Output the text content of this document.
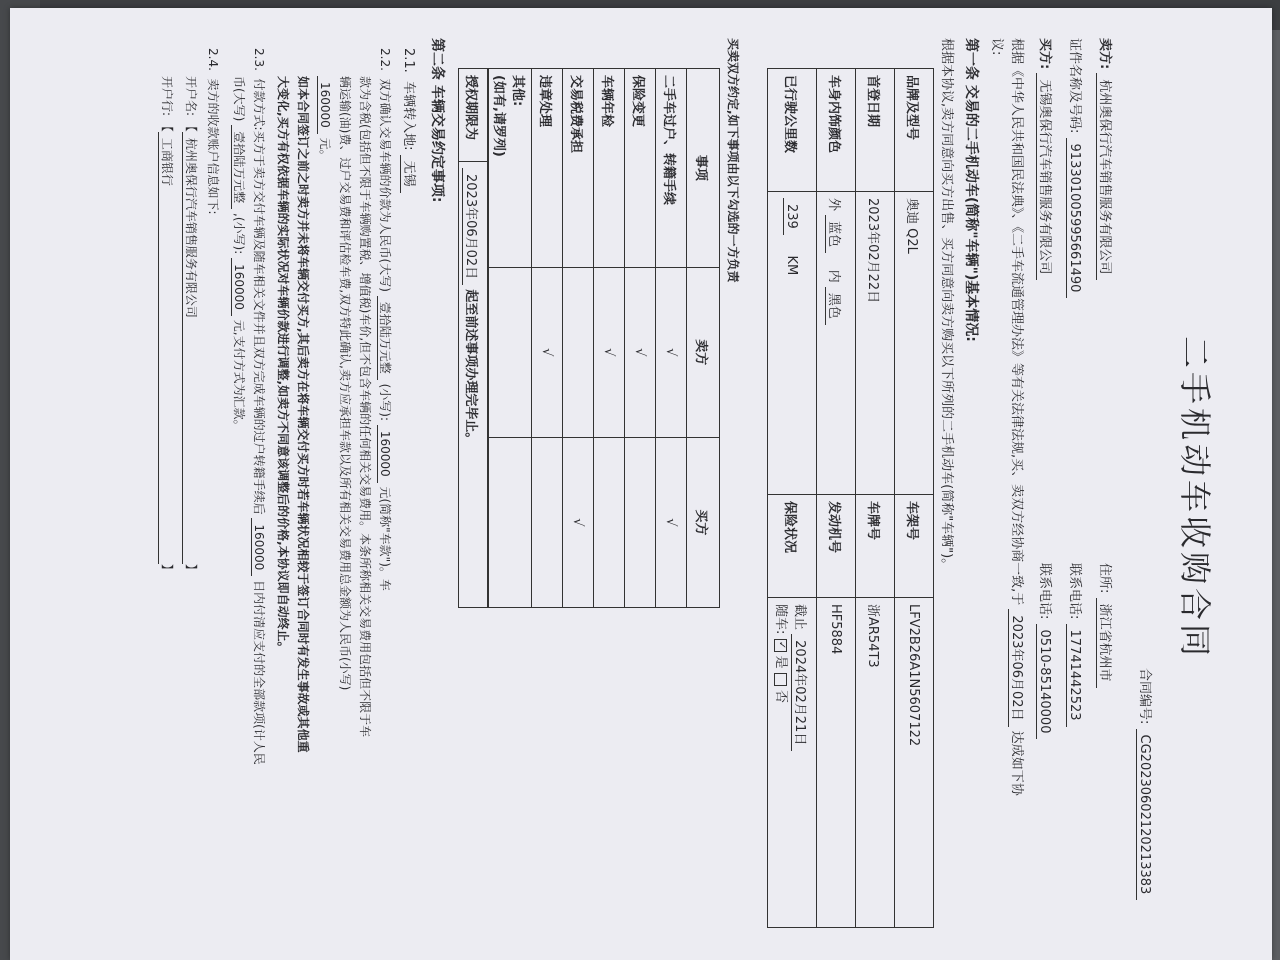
二手机动车收购合同
合同编号: CG20230602120213383
卖方: 杭州奥保行汽车销售服务有限公司
住所: 浙江省杭州市
证件名称及号码: 913301005995661490
联系电话: 17741442523
买方: 无锡奥保行汽车销售服务有限公司
联系电话: 0510-85140000
根据《中华人民共和国民法典》、《二手车流通管理办法》等有关法律法规,买、卖双方经协商一致,于 2023年06月02日 达成如下协
议:
第一条 交易的二手机动车(简称"车辆")基本情况:
根据本协议,卖方同意向买方出售、买方同意向卖方购买以下所列的二手机动车(简称"车辆")。
品牌及型号	奥迪 Q2L	车架号	LFV2B26A1N5607122
首登日期	2023年02月22日	车牌号	浙AR54T3
车身内饰颜色	外 蓝色    内 黑色	发动机号	HF5884
已行驶公里数	239     KM	保险状况	截止 2024年02月21日
随车: ✓ 是  否
买卖双方约定,如下事项由以下勾选的一方负责
事项	卖方	买方
二手车过户、转籍手续	√	√
保险变更	√	
车辆年检	√	
交易税费承担		√
违章处理	√	
其他:
(如有,请罗列)		
授权期限为	2023年06月02日 起至前述事项办理完毕止。
第二条 车辆交易约定事项:
2.1.  车辆转入地: 无锡
2.2.  双方确认交易车辆的价款为人民币(大写) 壹拾陆万元整 (小写): 160000 元(简称"车款")。车
款为含税(包括但不限于车辆购置税、增值税)车价,但不包含车辆的任何相关交易费用。本条所称相关交易费用包括但不限于车
辆运输(油)费、过户交易费和评估检车费,双方特此确认,卖方应承担车款以及所有相关交易费用总金额为人民币(小写)
160000 元。
如本合同签订之前之时卖方并未将车辆交付买方,其后卖方在将车辆交付买方时若车辆状况相较于签订合同时有发生事故或其他重
大变化,买方有权依据车辆的实际状况对车辆价款进行调整,如卖方不同意该调整后的价格,本协议即自动终止。
2.3.  付款方式:买方于卖方交付车辆及随车相关文件并且双方完成车辆的过户转籍手续后 160000 日内付清应支付的全部款项(计人民
币(大写) 壹拾陆万元整 ,(小写): 160000 元,支付方式为汇款。
2.4.  卖方的收款账户信息如下:
开户名: 【杭州奥保行汽车销售服务有限公司】
开户行: 【工商银行】
